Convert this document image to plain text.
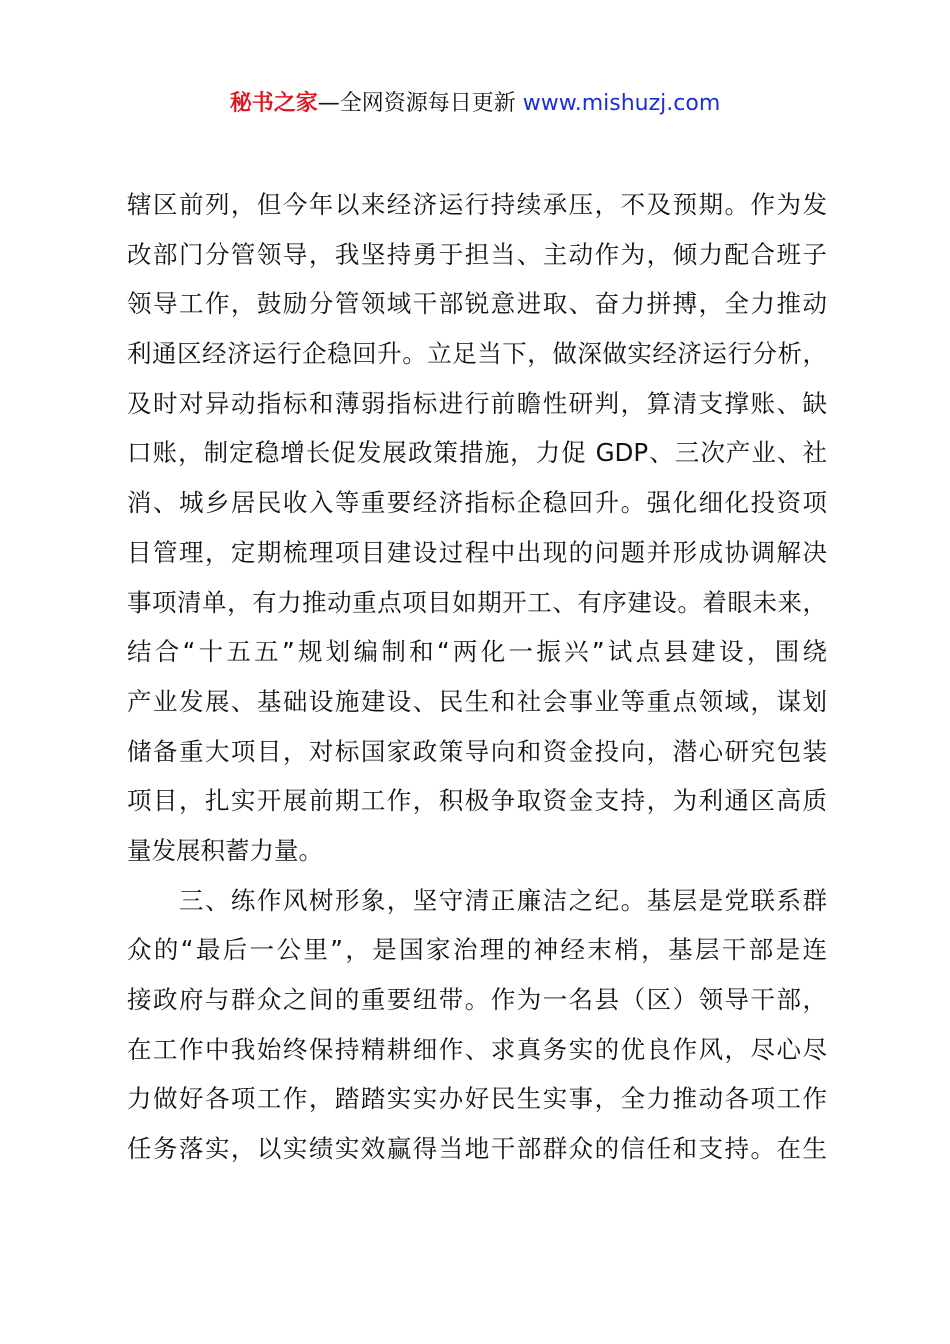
秘书之家—全网资源每日更新 www.mishuzj.com
辖区前列，但今年以来经济运行持续承压，不及预期。作为发
改部门分管领导，我坚持勇于担当、主动作为，倾力配合班子
领导工作，鼓励分管领域干部锐意进取、奋力拼搏，全力推动
利通区经济运行企稳回升。立足当下，做深做实经济运行分析，
及时对异动指标和薄弱指标进行前瞻性研判，算清支撑账、缺
口账，制定稳增长促发展政策措施，力促 GDP、三次产业、社
消、城乡居民收入等重要经济指标企稳回升。强化细化投资项
目管理，定期梳理项目建设过程中出现的问题并形成协调解决
事项清单，有力推动重点项目如期开工、有序建设。着眼未来，
结合“十五五”规划编制和“两化一振兴”试点县建设，围绕
产业发展、基础设施建设、民生和社会事业等重点领域，谋划
储备重大项目，对标国家政策导向和资金投向，潜心研究包装
项目，扎实开展前期工作，积极争取资金支持，为利通区高质
量发展积蓄力量。
　　三、练作风树形象，坚守清正廉洁之纪。基层是党联系群
众的“最后一公里”，是国家治理的神经末梢，基层干部是连
接政府与群众之间的重要纽带。作为一名县（区）领导干部，
在工作中我始终保持精耕细作、求真务实的优良作风，尽心尽
力做好各项工作，踏踏实实办好民生实事，全力推动各项工作
任务落实，以实绩实效赢得当地干部群众的信任和支持。在生
